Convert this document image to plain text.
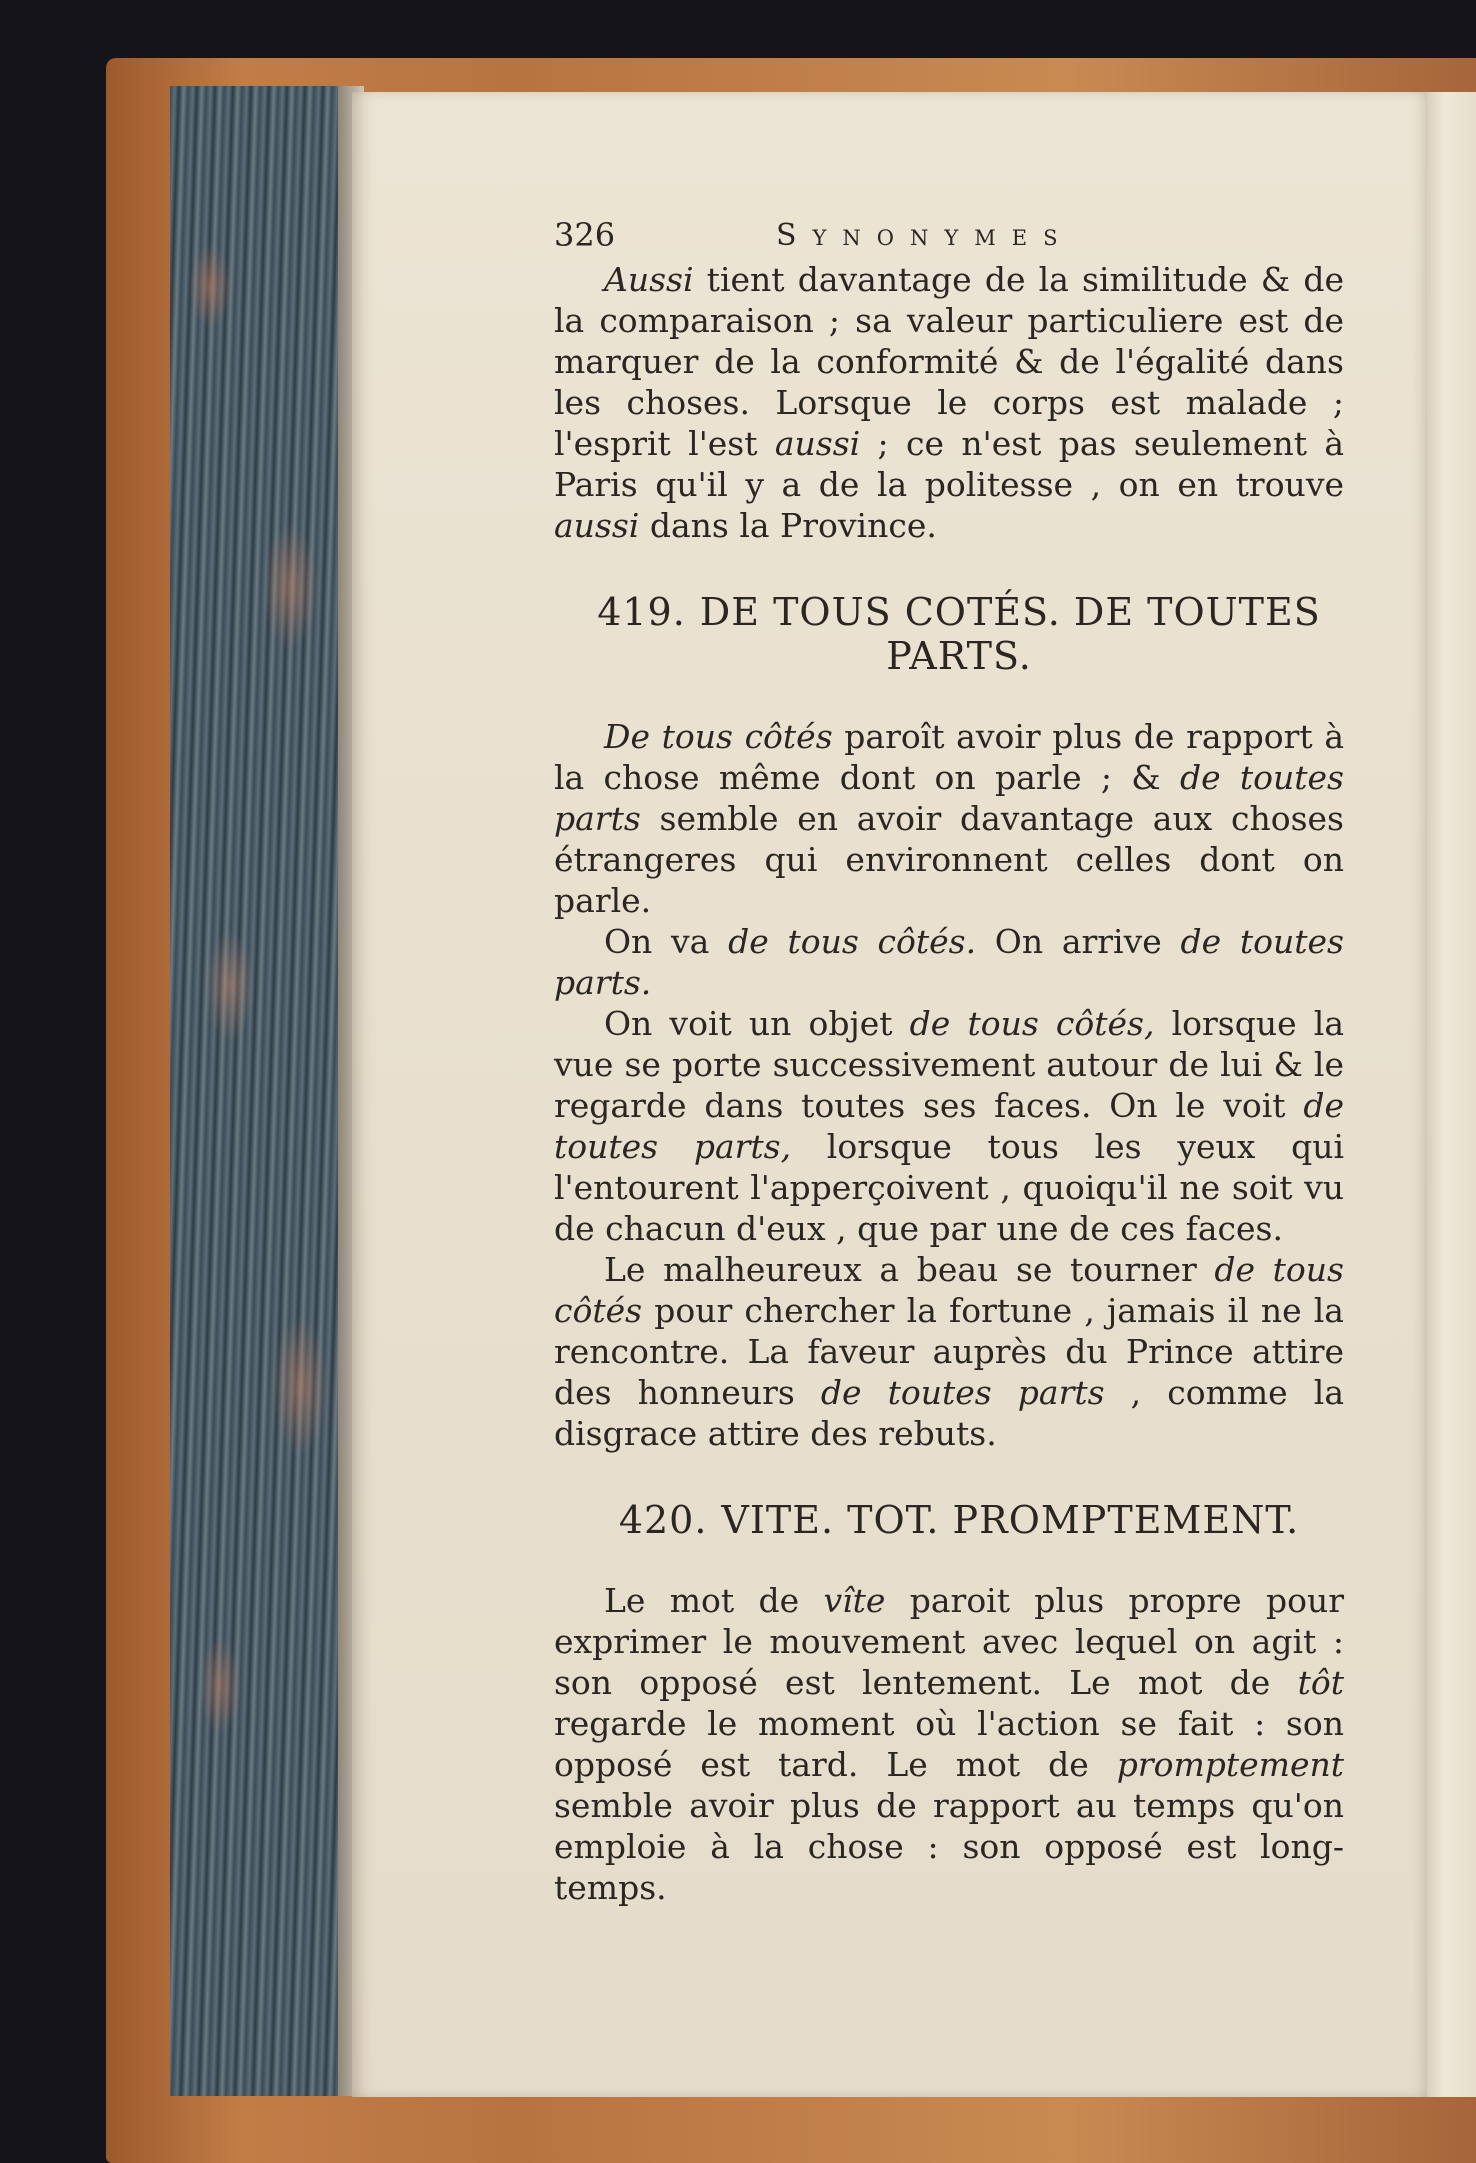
326	Synonymes

Aussi tient davantage de la similitude & de la comparaison ; sa valeur particuliere est de marquer de la conformité & de l'égalité dans les choses. Lorsque le corps est malade ; l'esprit l'est aussi ; ce n'est pas seulement à Paris qu'il y a de la politesse , on en trouve aussi dans la Province.

419. DE TOUS COTÉS. DE TOUTES PARTS.

De tous côtés paroît avoir plus de rapport à la chose même dont on parle ; & de toutes parts semble en avoir davantage aux choses étrangeres qui environnent celles dont on parle.

On va de tous côtés. On arrive de toutes parts.

On voit un objet de tous côtés, lorsque la vue se porte successivement autour de lui & le regarde dans toutes ses faces. On le voit de toutes parts, lorsque tous les yeux qui l'entourent l'apperçoivent , quoiqu'il ne soit vu de chacun d'eux , que par une de ces faces.

Le malheureux a beau se tourner de tous côtés pour chercher la fortune , jamais il ne la rencontre. La faveur auprès du Prince attire des honneurs de toutes parts , comme la disgrace attire des rebuts.

420. VITE. TOT. PROMPTEMENT.

Le mot de vîte paroit plus propre pour exprimer le mouvement avec lequel on agit : son opposé est lentement. Le mot de tôt regarde le moment où l'action se fait : son opposé est tard. Le mot de promptement semble avoir plus de rapport au temps qu'on emploie à la chose : son opposé est long-temps.
